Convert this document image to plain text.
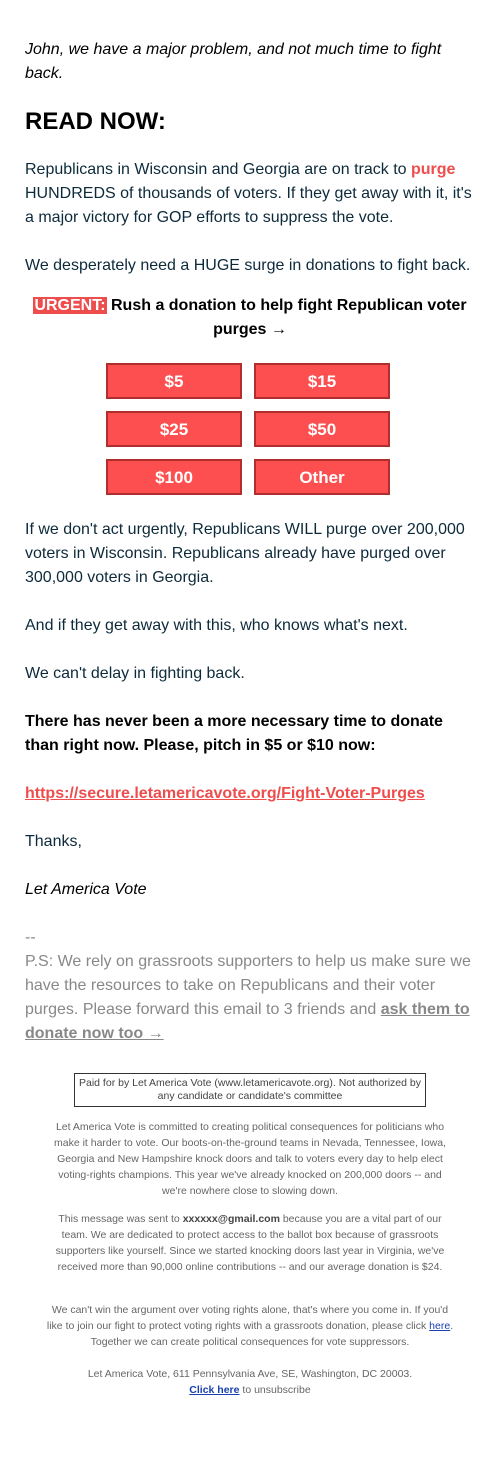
John, we have a major problem, and not much time to fight back.

READ NOW:

Republicans in Wisconsin and Georgia are on track to purge HUNDREDS of thousands of voters. If they get away with it, it's a major victory for GOP efforts to suppress the vote.

We desperately need a HUGE surge in donations to fight back.

URGENT: Rush a donation to help fight Republican voter purges →
$5	$15
$25	$50
$100	Other

If we don't act urgently, Republicans WILL purge over 200,000 voters in Wisconsin. Republicans already have purged over 300,000 voters in Georgia.

And if they get away with this, who knows what's next.

We can't delay in fighting back.

There has never been a more necessary time to donate than right now. Please, pitch in $5 or $10 now:

https://secure.letamericavote.org/Fight-Voter-Purges

Thanks,

Let America Vote

--

P.S: We rely on grassroots supporters to help us make sure we have the resources to take on Republicans and their voter purges. Please forward this email to 3 friends and ask them to donate now too →

Paid for by Let America Vote (www.letamericavote.org). Not authorized by any candidate or candidate's committee

Let America Vote is committed to creating political consequences for politicians who make it harder to vote. Our boots-on-the-ground teams in Nevada, Tennessee, Iowa, Georgia and New Hampshire knock doors and talk to voters every day to help elect voting-rights champions. This year we've already knocked on 200,000 doors -- and we're nowhere close to slowing down.

This message was sent to xxxxxx@gmail.com because you are a vital part of our team. We are dedicated to protect access to the ballot box because of grassroots supporters like yourself. Since we started knocking doors last year in Virginia, we've received more than 90,000 online contributions -- and our average donation is $24.

We can't win the argument over voting rights alone, that's where you come in. If you'd like to join our fight to protect voting rights with a grassroots donation, please click here. Together we can create political consequences for vote suppressors.

Let America Vote, 611 Pennsylvania Ave, SE, Washington, DC 20003.
Click here to unsubscribe
